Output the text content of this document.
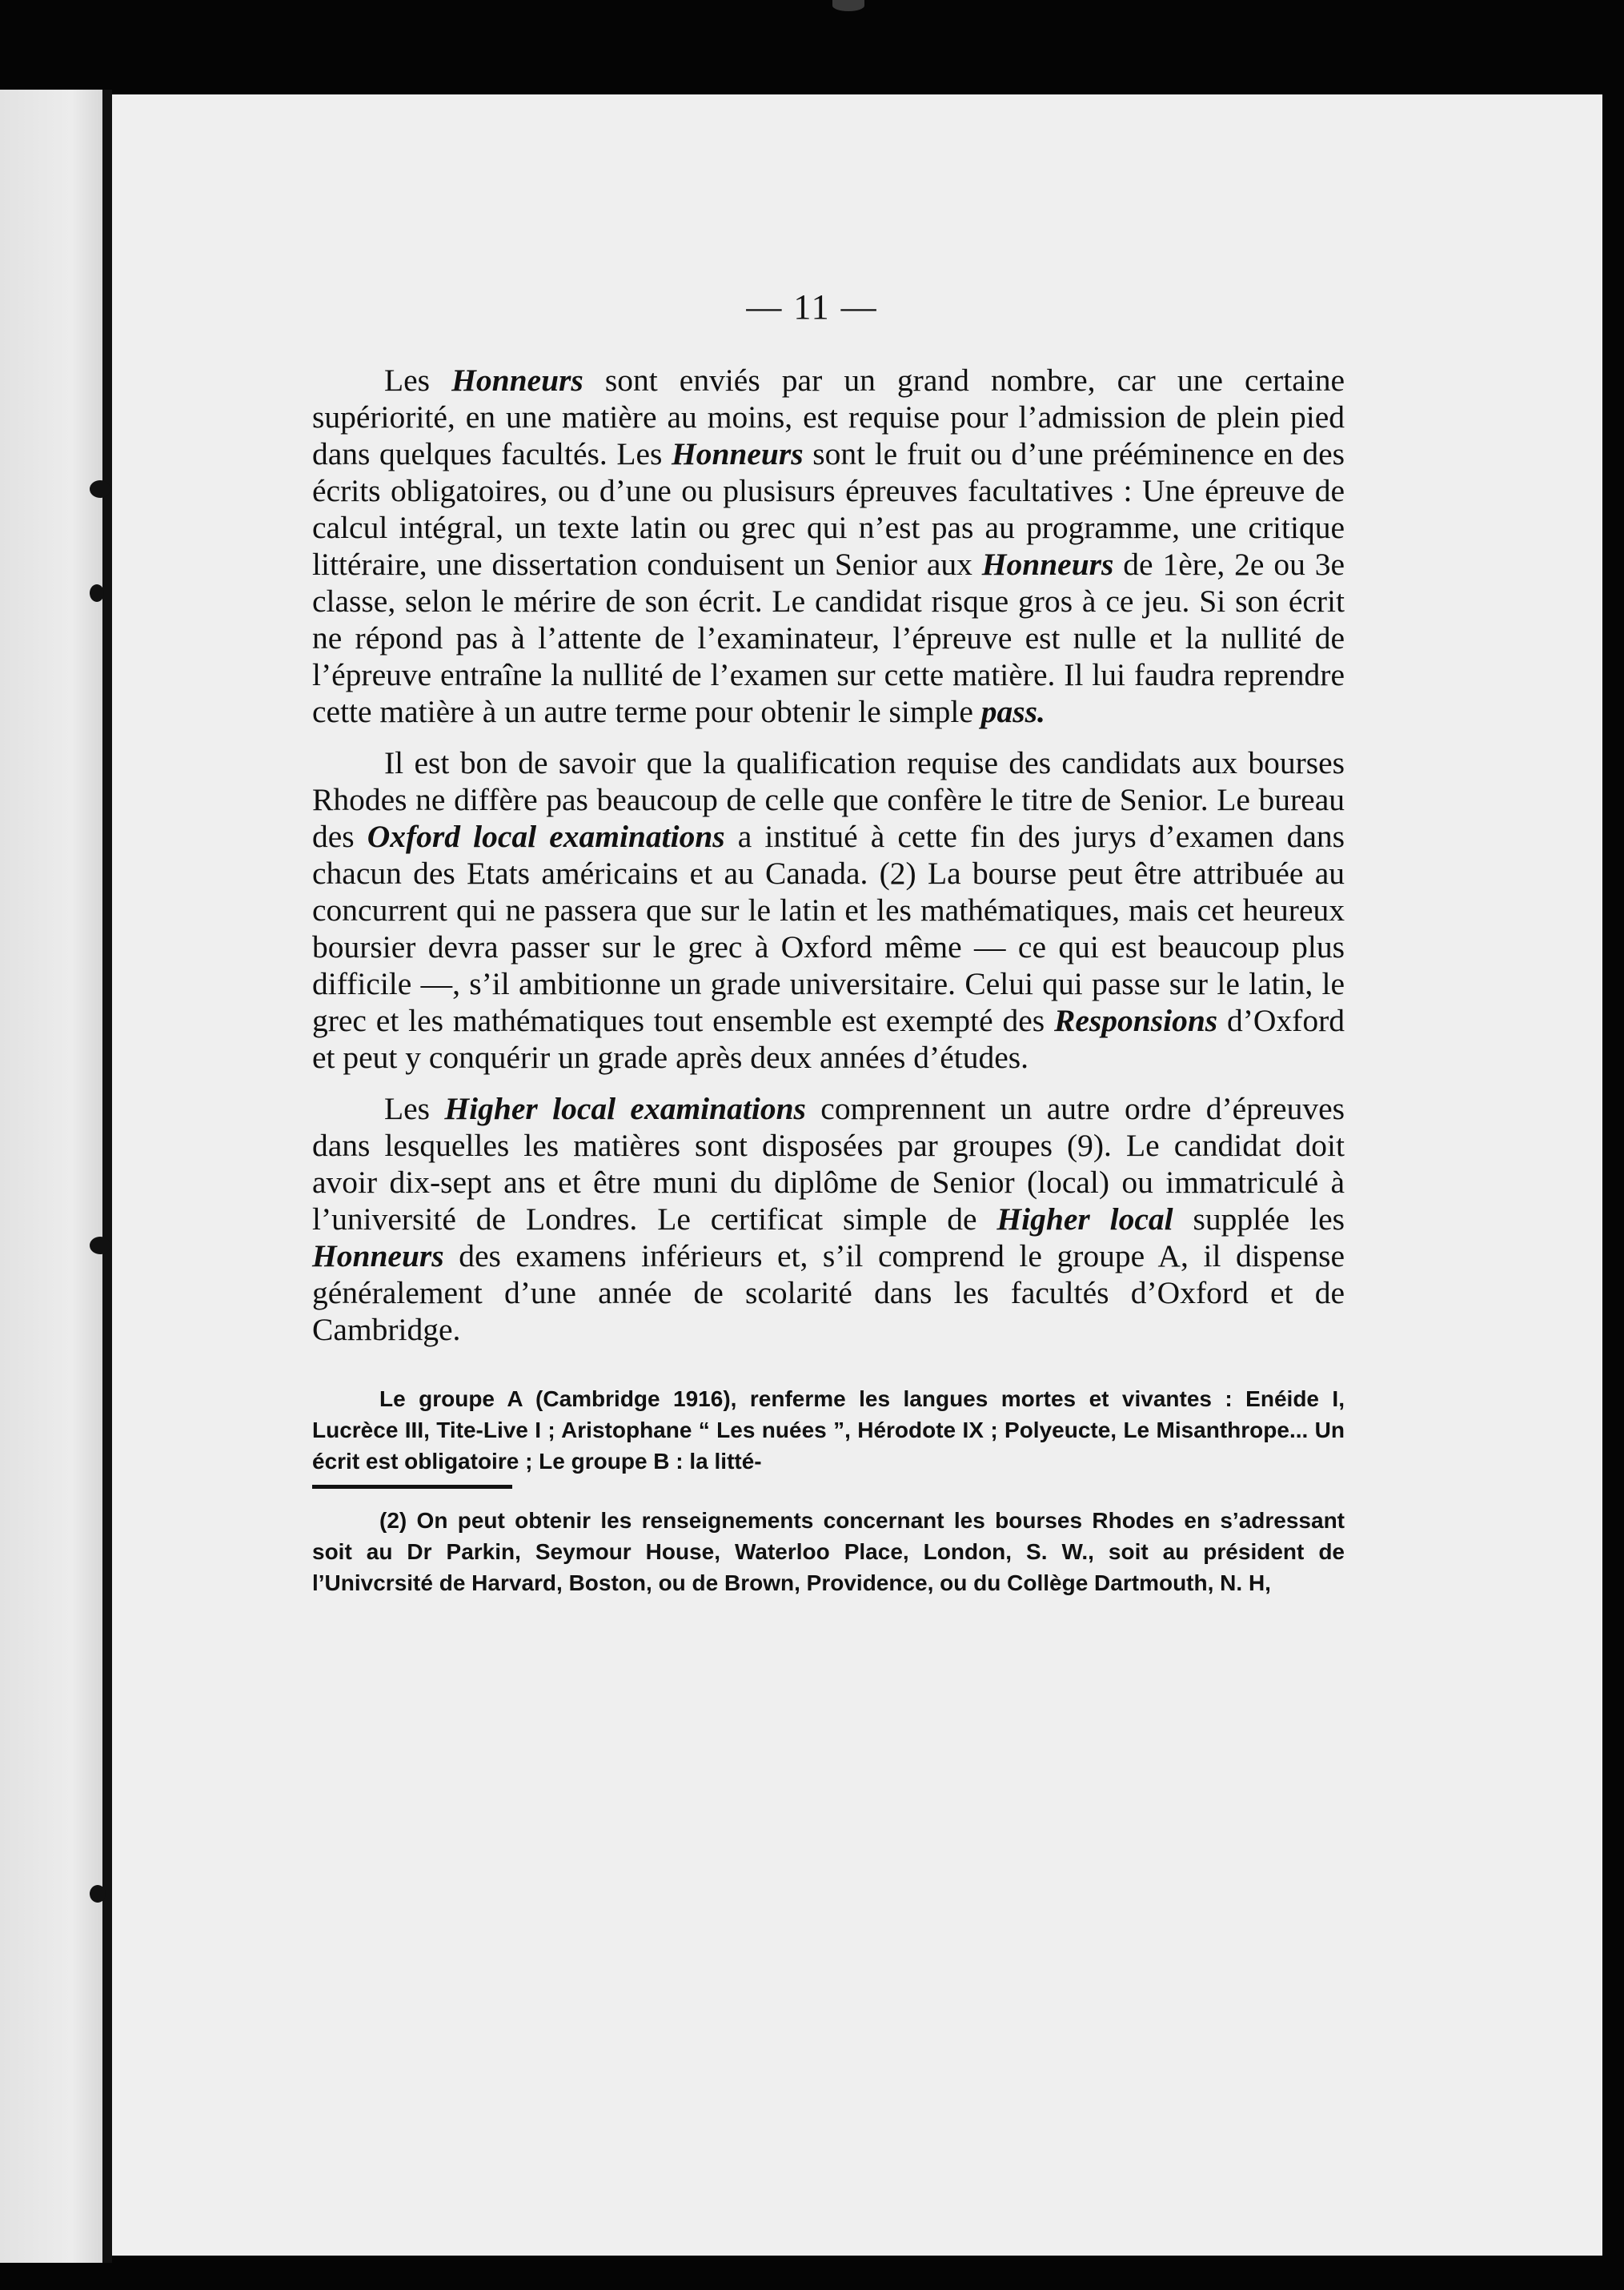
— 11 —

Les Honneurs sont enviés par un grand nombre, car une certaine supériorité, en une matière au moins, est requise pour l’admission de plein pied dans quelques facultés. Les Honneurs sont le fruit ou d’une prééminence en des écrits obligatoires, ou d’une ou plusisurs épreuves facultatives : Une épreuve de calcul intégral, un texte latin ou grec qui n’est pas au programme, une critique littéraire, une dissertation conduisent un Senior aux Honneurs de 1ère, 2e ou 3e classe, selon le mérire de son écrit. Le candidat risque gros à ce jeu. Si son écrit ne répond pas à l’attente de l’examinateur, l’épreuve est nulle et la nullité de l’épreuve entraîne la nullité de l’examen sur cette matière. Il lui faudra reprendre cette matière à un autre terme pour obtenir le simple pass.

Il est bon de savoir que la qualification requise des candidats aux bourses Rhodes ne diffère pas beaucoup de celle que confère le titre de Senior. Le bureau des Oxford local examinations a institué à cette fin des jurys d’examen dans chacun des Etats américains et au Canada. (2) La bourse peut être attribuée au concurrent qui ne passera que sur le latin et les mathématiques, mais cet heureux boursier devra passer sur le grec à Oxford même — ce qui est beaucoup plus difficile —, s’il ambitionne un grade universitaire. Celui qui passe sur le latin, le grec et les mathématiques tout ensemble est exempté des Responsions d’Oxford et peut y conquérir un grade après deux années d’études.

Les Higher local examinations comprennent un autre ordre d’épreuves dans lesquelles les matières sont disposées par groupes (9). Le candidat doit avoir dix-sept ans et être muni du diplôme de Senior (local) ou immatriculé à l’université de Londres. Le certificat simple de Higher local supplée les Honneurs des examens inférieurs et, s’il comprend le groupe A, il dispense généralement d’une année de scolarité dans les facultés d’Oxford et de Cambridge.

Le groupe A (Cambridge 1916), renferme les langues mortes et vivantes : Enéide I, Lucrèce III, Tite-Live I ; Aristophane “ Les nuées ”, Hérodote IX ; Polyeucte, Le Misanthrope... Un écrit est obligatoire ; Le groupe B : la litté-

(2) On peut obtenir les renseignements concernant les bourses Rhodes en s’adressant soit au Dr Parkin, Seymour House, Waterloo Place, London, S. W., soit au président de l’Univcrsité de Harvard, Boston, ou de Brown, Providence, ou du Collège Dartmouth, N. H,
